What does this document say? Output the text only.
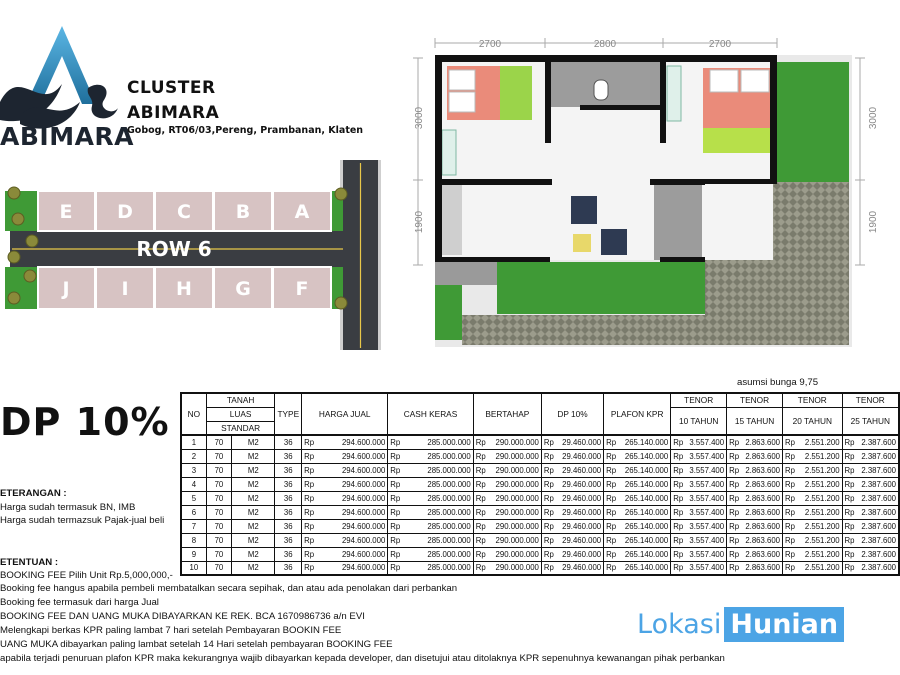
ABIMARA
CLUSTER
ABIMARA
Gobog, RT06/03,Pereng, Prambanan, Klaten
E D C B A
J	I	H G F
ROW 6
2700	2800	2700
3000
1900
3000
1900
DP 10%
asumsi bunga 9,75
NO	TANAH		TYPE	HARGA JUAL	CASH KERAS	BERTAHAP	DP 10%	PLAFON KPR	TENOR	TENOR	TENOR	TENOR
	LUAS								10 TAHUN	15 TAHUN	20 TAHUN	25 TAHUN
	STANDAR											
1	70	M2	36	Rp 294.600.000	Rp 285.000.000	Rp 290.000.000	Rp 29.460.000	Rp 265.140.000	Rp 3.557.400	Rp 2.863.600	Rp 2.551.200	Rp 2.387.600
2	70	M2	36	Rp 294.600.000	Rp 285.000.000	Rp 290.000.000	Rp 29.460.000	Rp 265.140.000	Rp 3.557.400	Rp 2.863.600	Rp 2.551.200	Rp 2.387.600
3	70	M2	36	Rp 294.600.000	Rp 285.000.000	Rp 290.000.000	Rp 29.460.000	Rp 265.140.000	Rp 3.557.400	Rp 2.863.600	Rp 2.551.200	Rp 2.387.600
4	70	M2	36	Rp 294.600.000	Rp 285.000.000	Rp 290.000.000	Rp 29.460.000	Rp 265.140.000	Rp 3.557.400	Rp 2.863.600	Rp 2.551.200	Rp 2.387.600
5	70	M2	36	Rp 294.600.000	Rp 285.000.000	Rp 290.000.000	Rp 29.460.000	Rp 265.140.000	Rp 3.557.400	Rp 2.863.600	Rp 2.551.200	Rp 2.387.600
6	70	M2	36	Rp 294.600.000	Rp 285.000.000	Rp 290.000.000	Rp 29.460.000	Rp 265.140.000	Rp 3.557.400	Rp 2.863.600	Rp 2.551.200	Rp 2.387.600
7	70	M2	36	Rp 294.600.000	Rp 285.000.000	Rp 290.000.000	Rp 29.460.000	Rp 265.140.000	Rp 3.557.400	Rp 2.863.600	Rp 2.551.200	Rp 2.387.600
8	70	M2	36	Rp 294.600.000	Rp 285.000.000	Rp 290.000.000	Rp 29.460.000	Rp 265.140.000	Rp 3.557.400	Rp 2.863.600	Rp 2.551.200	Rp 2.387.600
9	70	M2	36	Rp 294.600.000	Rp 285.000.000	Rp 290.000.000	Rp 29.460.000	Rp 265.140.000	Rp 3.557.400	Rp 2.863.600	Rp 2.551.200	Rp 2.387.600
10	70	M2	36	Rp 294.600.000	Rp 285.000.000	Rp 290.000.000	Rp 29.460.000	Rp 265.140.000	Rp 3.557.400	Rp 2.863.600	Rp 2.551.200	Rp 2.387.600
ETERANGAN :
Harga sudah termasuk BN, IMB
Harga sudah termazsuk Pajak-jual beli
ETENTUAN :
BOOKING FEE Pilih Unit Rp.5,000,000,-
Booking fee hangus apabila pembeli membatalkan secara sepihak, dan atau ada penolakan dari perbankan
Booking fee termasuk dari harga Jual
BOOKING FEE DAN UANG MUKA DIBAYARKAN KE REK. BCA 1670986736 a/n EVI
Melengkapi berkas KPR paling lambat 7 hari setelah Pembayaran BOOKIN FEE
UANG MUKA dibayarkan paling lambat setelah 14 Hari setelah pembayaran BOOKING FEE
apabila terjadi penuruan plafon KPR maka kekurangnya wajib dibayarkan kepada developer, dan disetujui atau ditolaknya KPR sepenuhnya kewanangan pihak perbankan
Lokasi Hunian
